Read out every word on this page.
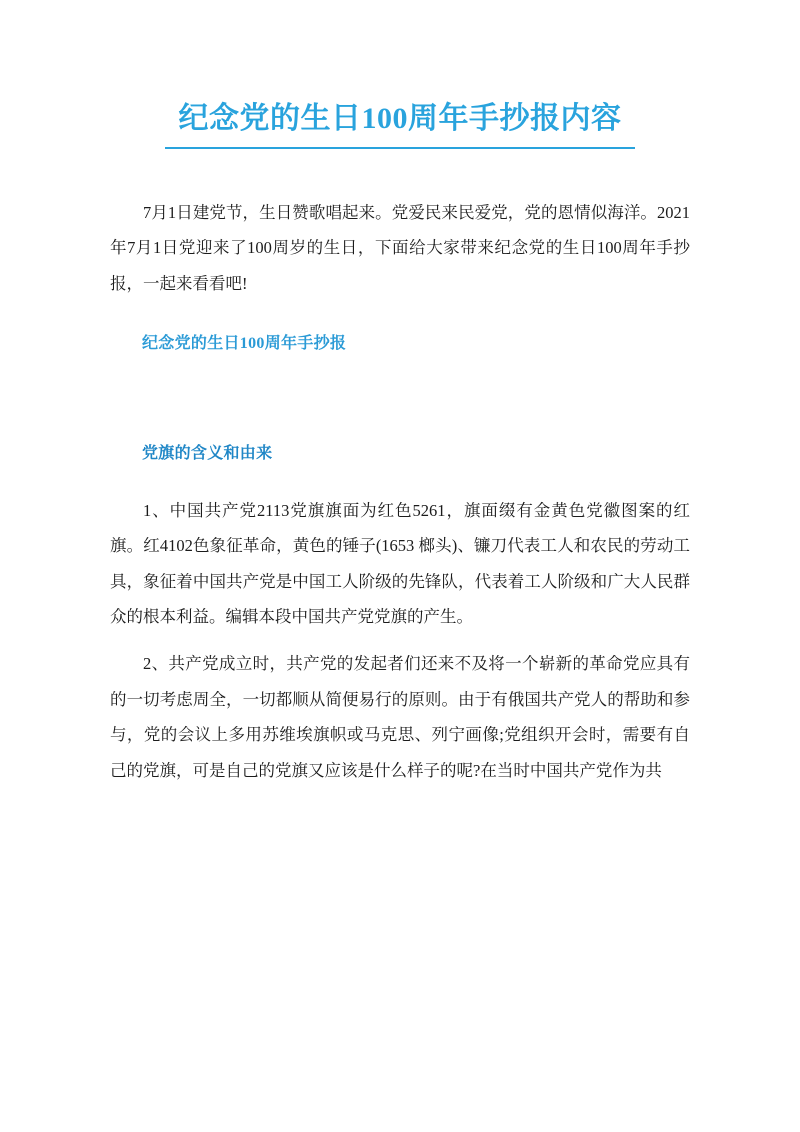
纪念党的生日100周年手抄报内容

7月1日建党节，生日赞歌唱起来。党爱民来民爱党，党的恩情似海洋。2021年7月1日党迎来了100周岁的生日，下面给大家带来纪念党的生日100周年手抄报，一起来看看吧!

纪念党的生日100周年手抄报
党旗的含义和由来

1、中国共产党2113党旗旗面为红色5261，旗面缀有金黄色党徽图案的红旗。红4102色象征革命，黄色的锤子(1653 榔头)、镰刀代表工人和农民的劳动工具，象征着中国共产党是中国工人阶级的先锋队，代表着工人阶级和广大人民群众的根本利益。编辑本段中国共产党党旗的产生。

2、共产党成立时，共产党的发起者们还来不及将一个崭新的革命党应具有的一切考虑周全，一切都顺从简便易行的原则。由于有俄国共产党人的帮助和参与，党的会议上多用苏维埃旗帜或马克思、列宁画像;党组织开会时，需要有自己的党旗，可是自己的党旗又应该是什么样子的呢?在当时中国共产党作为共
